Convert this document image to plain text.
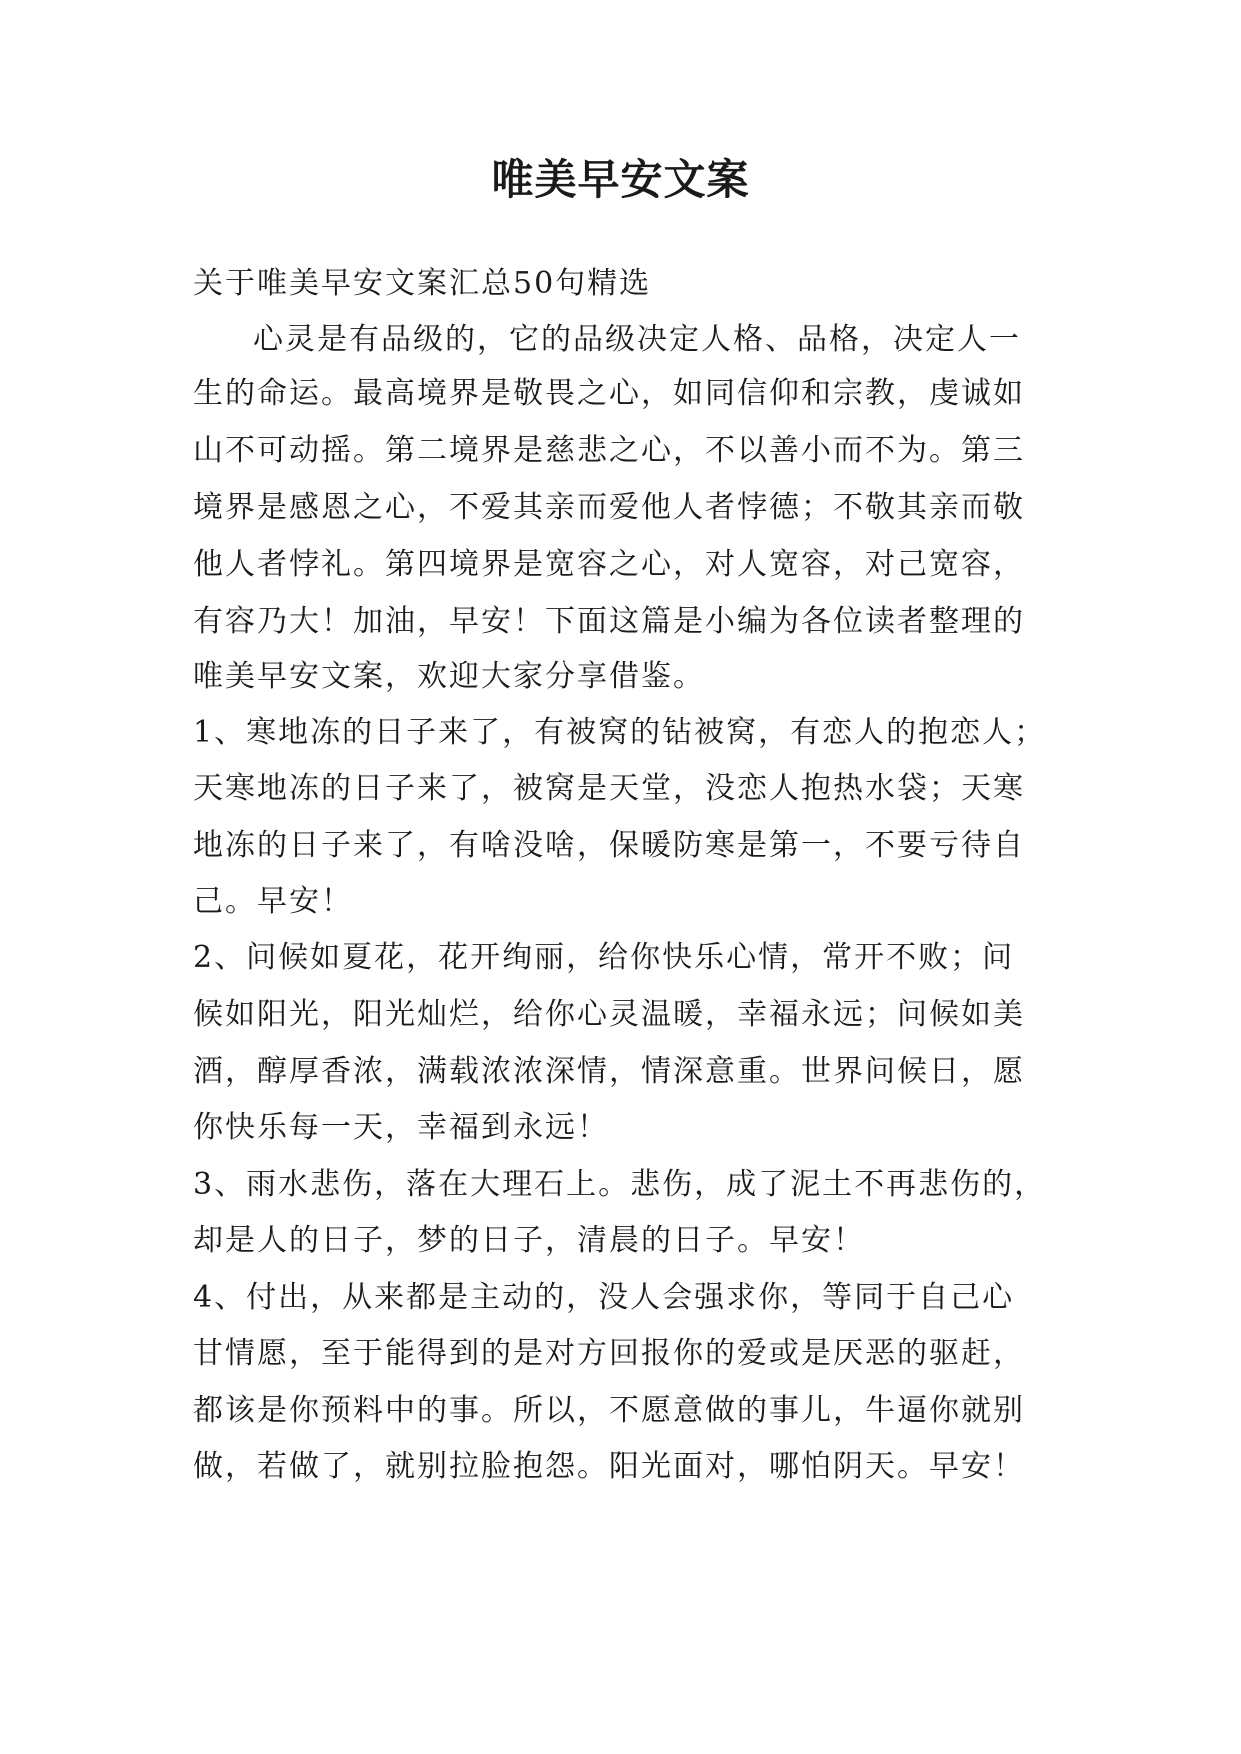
唯美早安文案

关于唯美早安文案汇总50句精选

心灵是有品级的，它的品级决定人格、品格，决定人一

生的命运。最高境界是敬畏之心，如同信仰和宗教，虔诚如

山不可动摇。第二境界是慈悲之心，不以善小而不为。第三

境界是感恩之心，不爱其亲而爱他人者悖德；不敬其亲而敬

他人者悖礼。第四境界是宽容之心，对人宽容，对己宽容，

有容乃大！加油，早安！下面这篇是小编为各位读者整理的

唯美早安文案，欢迎大家分享借鉴。

1、寒地冻的日子来了，有被窝的钻被窝，有恋人的抱恋人；

天寒地冻的日子来了，被窝是天堂，没恋人抱热水袋；天寒

地冻的日子来了，有啥没啥，保暖防寒是第一，不要亏待自

己。早安！

2、问候如夏花，花开绚丽，给你快乐心情，常开不败；问

候如阳光，阳光灿烂，给你心灵温暖，幸福永远；问候如美

酒，醇厚香浓，满载浓浓深情，情深意重。世界问候日，愿

你快乐每一天，幸福到永远！

3、雨水悲伤，落在大理石上。悲伤，成了泥土不再悲伤的，

却是人的日子，梦的日子，清晨的日子。早安！

4、付出，从来都是主动的，没人会强求你，等同于自己心

甘情愿，至于能得到的是对方回报你的爱或是厌恶的驱赶，

都该是你预料中的事。所以，不愿意做的事儿，牛逼你就别

做，若做了，就别拉脸抱怨。阳光面对，哪怕阴天。早安！
